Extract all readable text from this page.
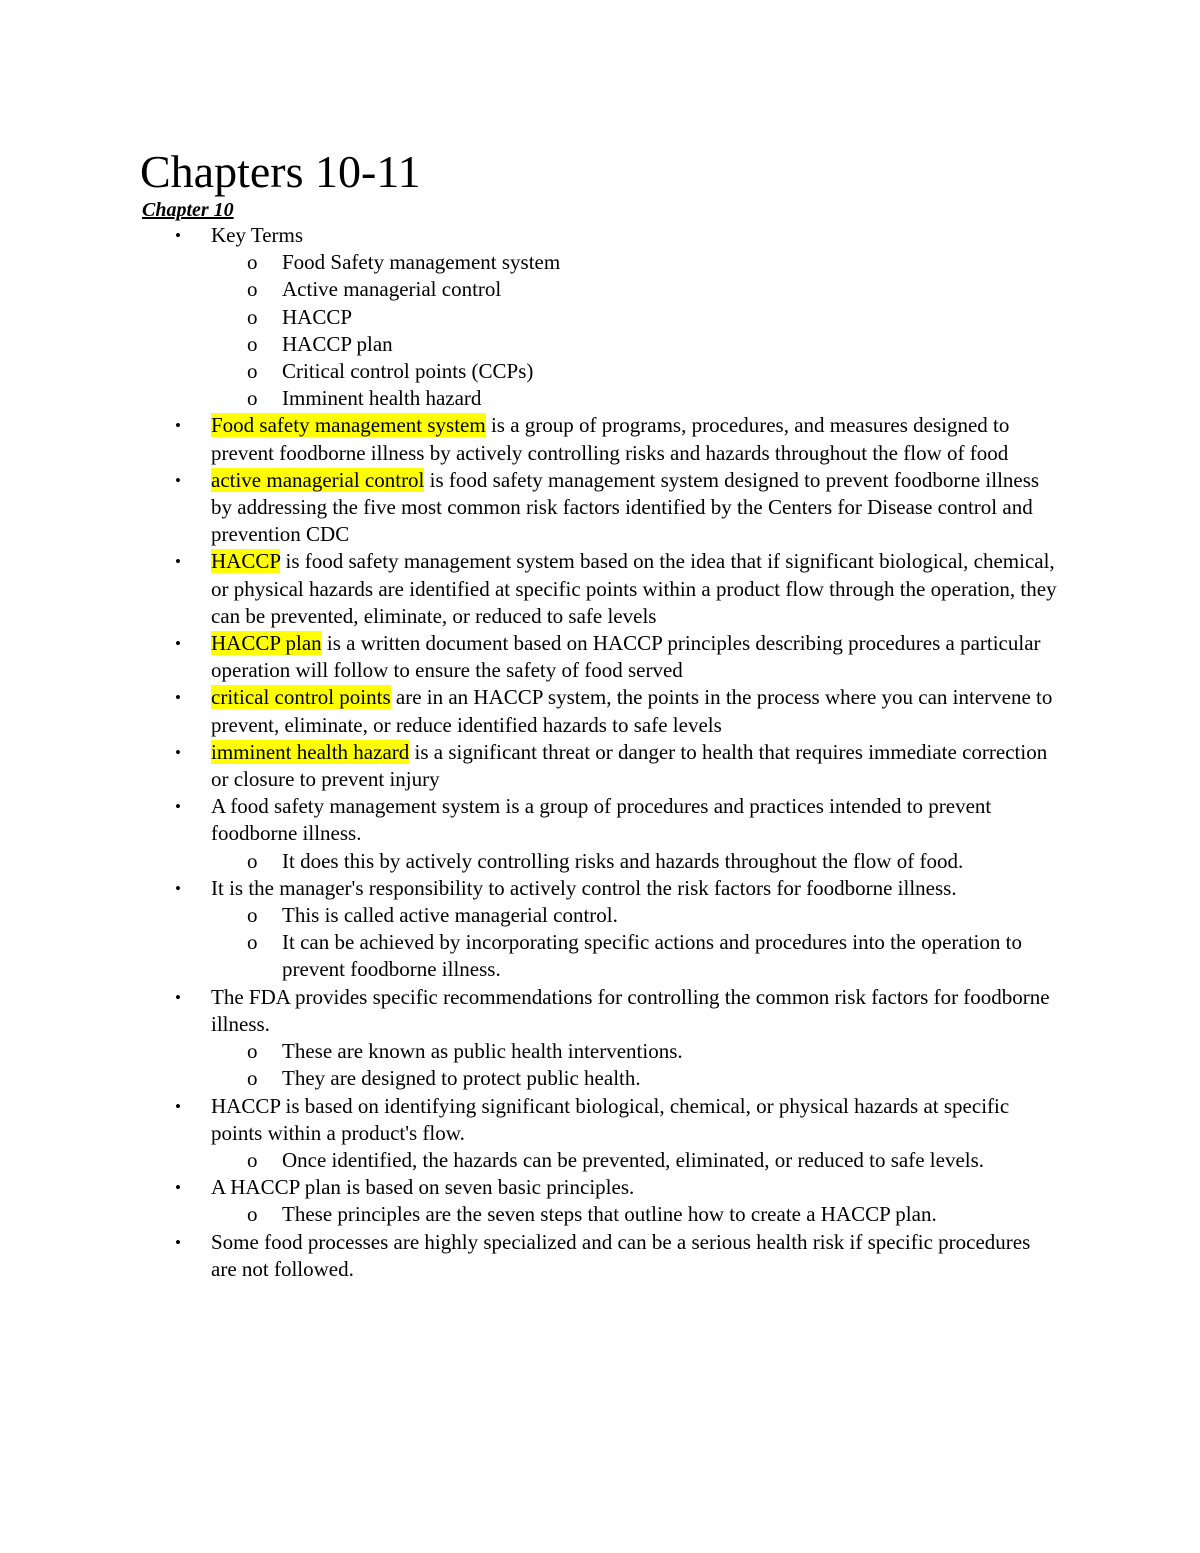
Chapters 10-11
Chapter 10
• Key Terms
o Food Safety management system
o Active managerial control
o HACCP
o HACCP plan
o Critical control points (CCPs)
o Imminent health hazard
• Food safety management system is a group of programs, procedures, and measures designed to prevent foodborne illness by actively controlling risks and hazards throughout the flow of food
• active managerial control is food safety management system designed to prevent foodborne illness by addressing the five most common risk factors identified by the Centers for Disease control and prevention CDC
• HACCP is food safety management system based on the idea that if significant biological, chemical, or physical hazards are identified at specific points within a product flow through the operation, they can be prevented, eliminate, or reduced to safe levels
• HACCP plan is a written document based on HACCP principles describing procedures a particular operation will follow to ensure the safety of food served
• critical control points are in an HACCP system, the points in the process where you can intervene to prevent, eliminate, or reduce identified hazards to safe levels
• imminent health hazard is a significant threat or danger to health that requires immediate correction or closure to prevent injury
• A food safety management system is a group of procedures and practices intended to prevent foodborne illness.
o It does this by actively controlling risks and hazards throughout the flow of food.
• It is the manager's responsibility to actively control the risk factors for foodborne illness.
o This is called active managerial control.
o It can be achieved by incorporating specific actions and procedures into the operation to prevent foodborne illness.
• The FDA provides specific recommendations for controlling the common risk factors for foodborne illness.
o These are known as public health interventions.
o They are designed to protect public health.
• HACCP is based on identifying significant biological, chemical, or physical hazards at specific points within a product's flow.
o Once identified, the hazards can be prevented, eliminated, or reduced to safe levels.
• A HACCP plan is based on seven basic principles.
o These principles are the seven steps that outline how to create a HACCP plan.
• Some food processes are highly specialized and can be a serious health risk if specific procedures are not followed.
